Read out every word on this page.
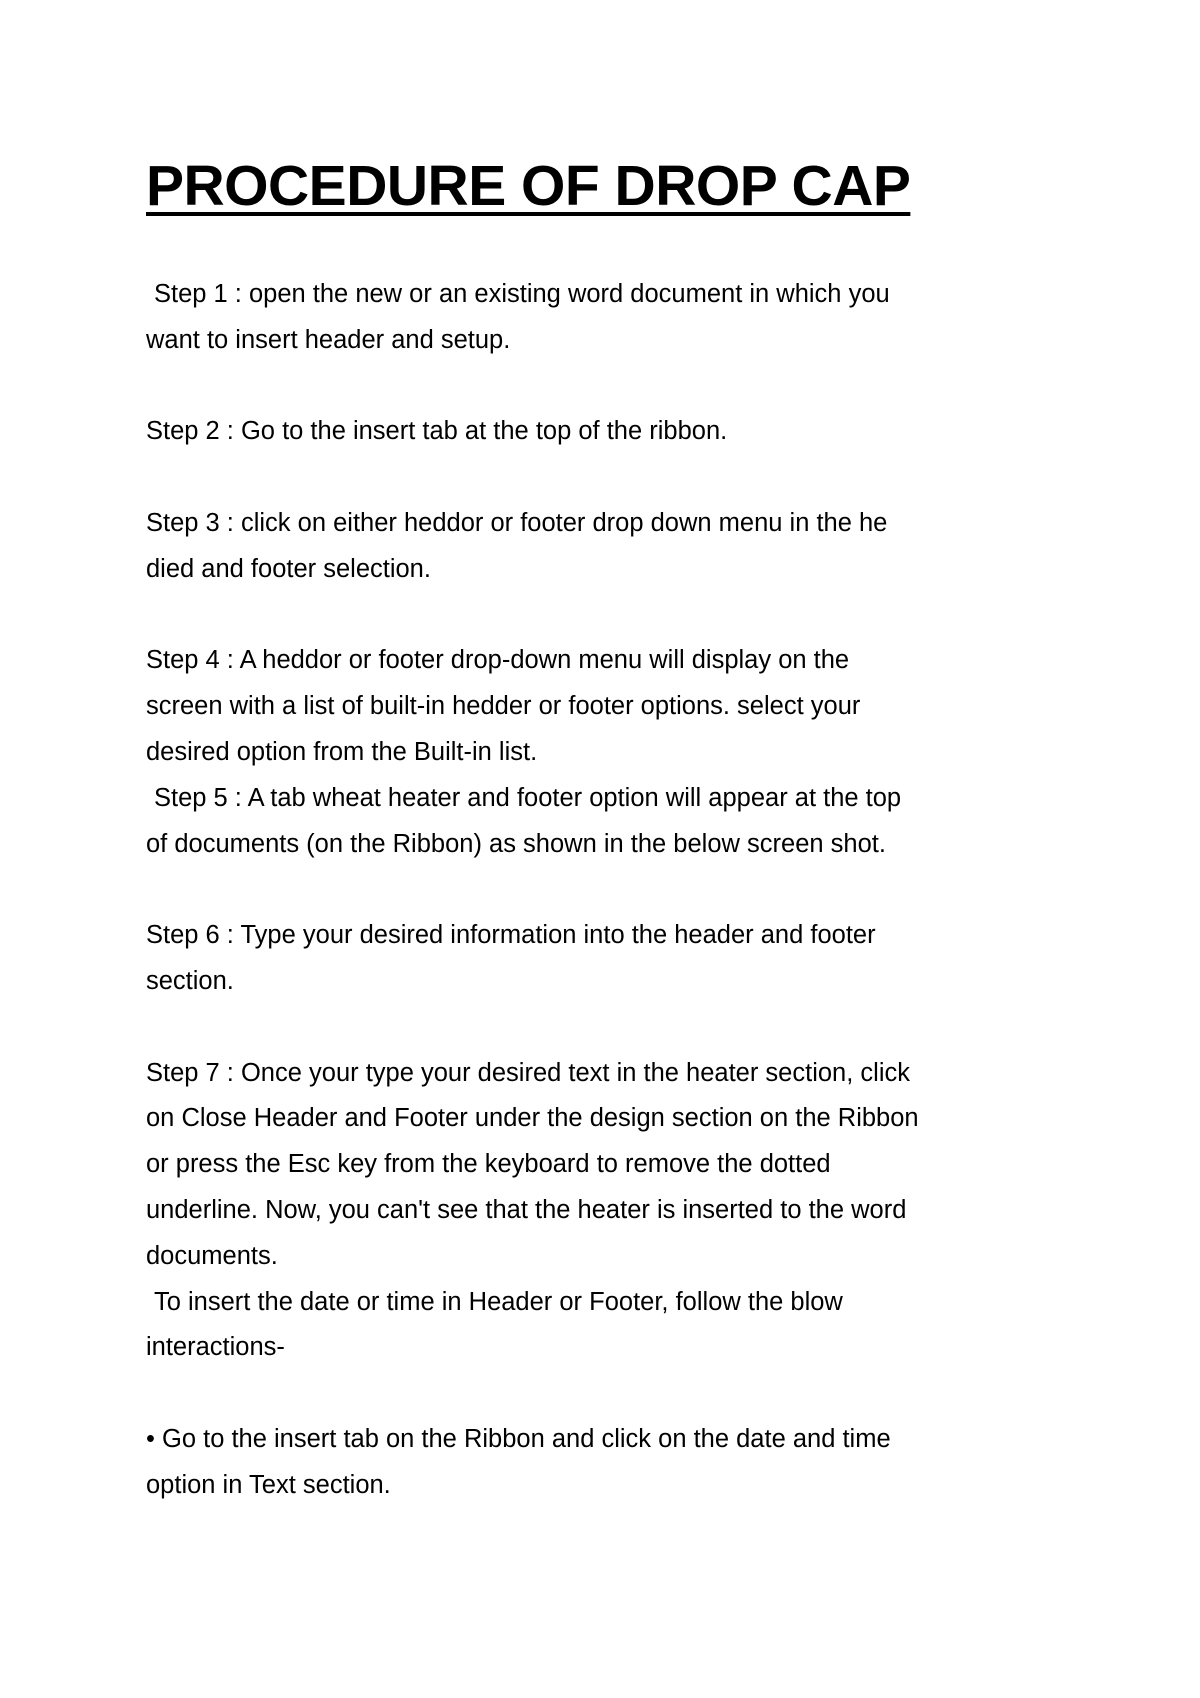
PROCEDURE OF DROP CAP
Step 1 : open the new or an existing word document in which you
want to insert header and setup.
Step 2 : Go to the insert tab at the top of the ribbon.
Step 3 : click on either heddor or footer drop down menu in the he
died and footer selection.
Step 4 : A heddor or footer drop-down menu will display on the
screen with a list of built-in hedder or footer options. select your
desired option from the Built-in list.
Step 5 : A tab wheat heater and footer option will appear at the top
of documents (on the Ribbon) as shown in the below screen shot.
Step 6 : Type your desired information into the header and footer
section.
Step 7 : Once your type your desired text in the heater section, click
on Close Header and Footer under the design section on the Ribbon
or press the Esc key from the keyboard to remove the dotted
underline. Now, you can't see that the heater is inserted to the word
documents.
To insert the date or time in Header or Footer, follow the blow
interactions-
• Go to the insert tab on the Ribbon and click on the date and time
option in Text section.
